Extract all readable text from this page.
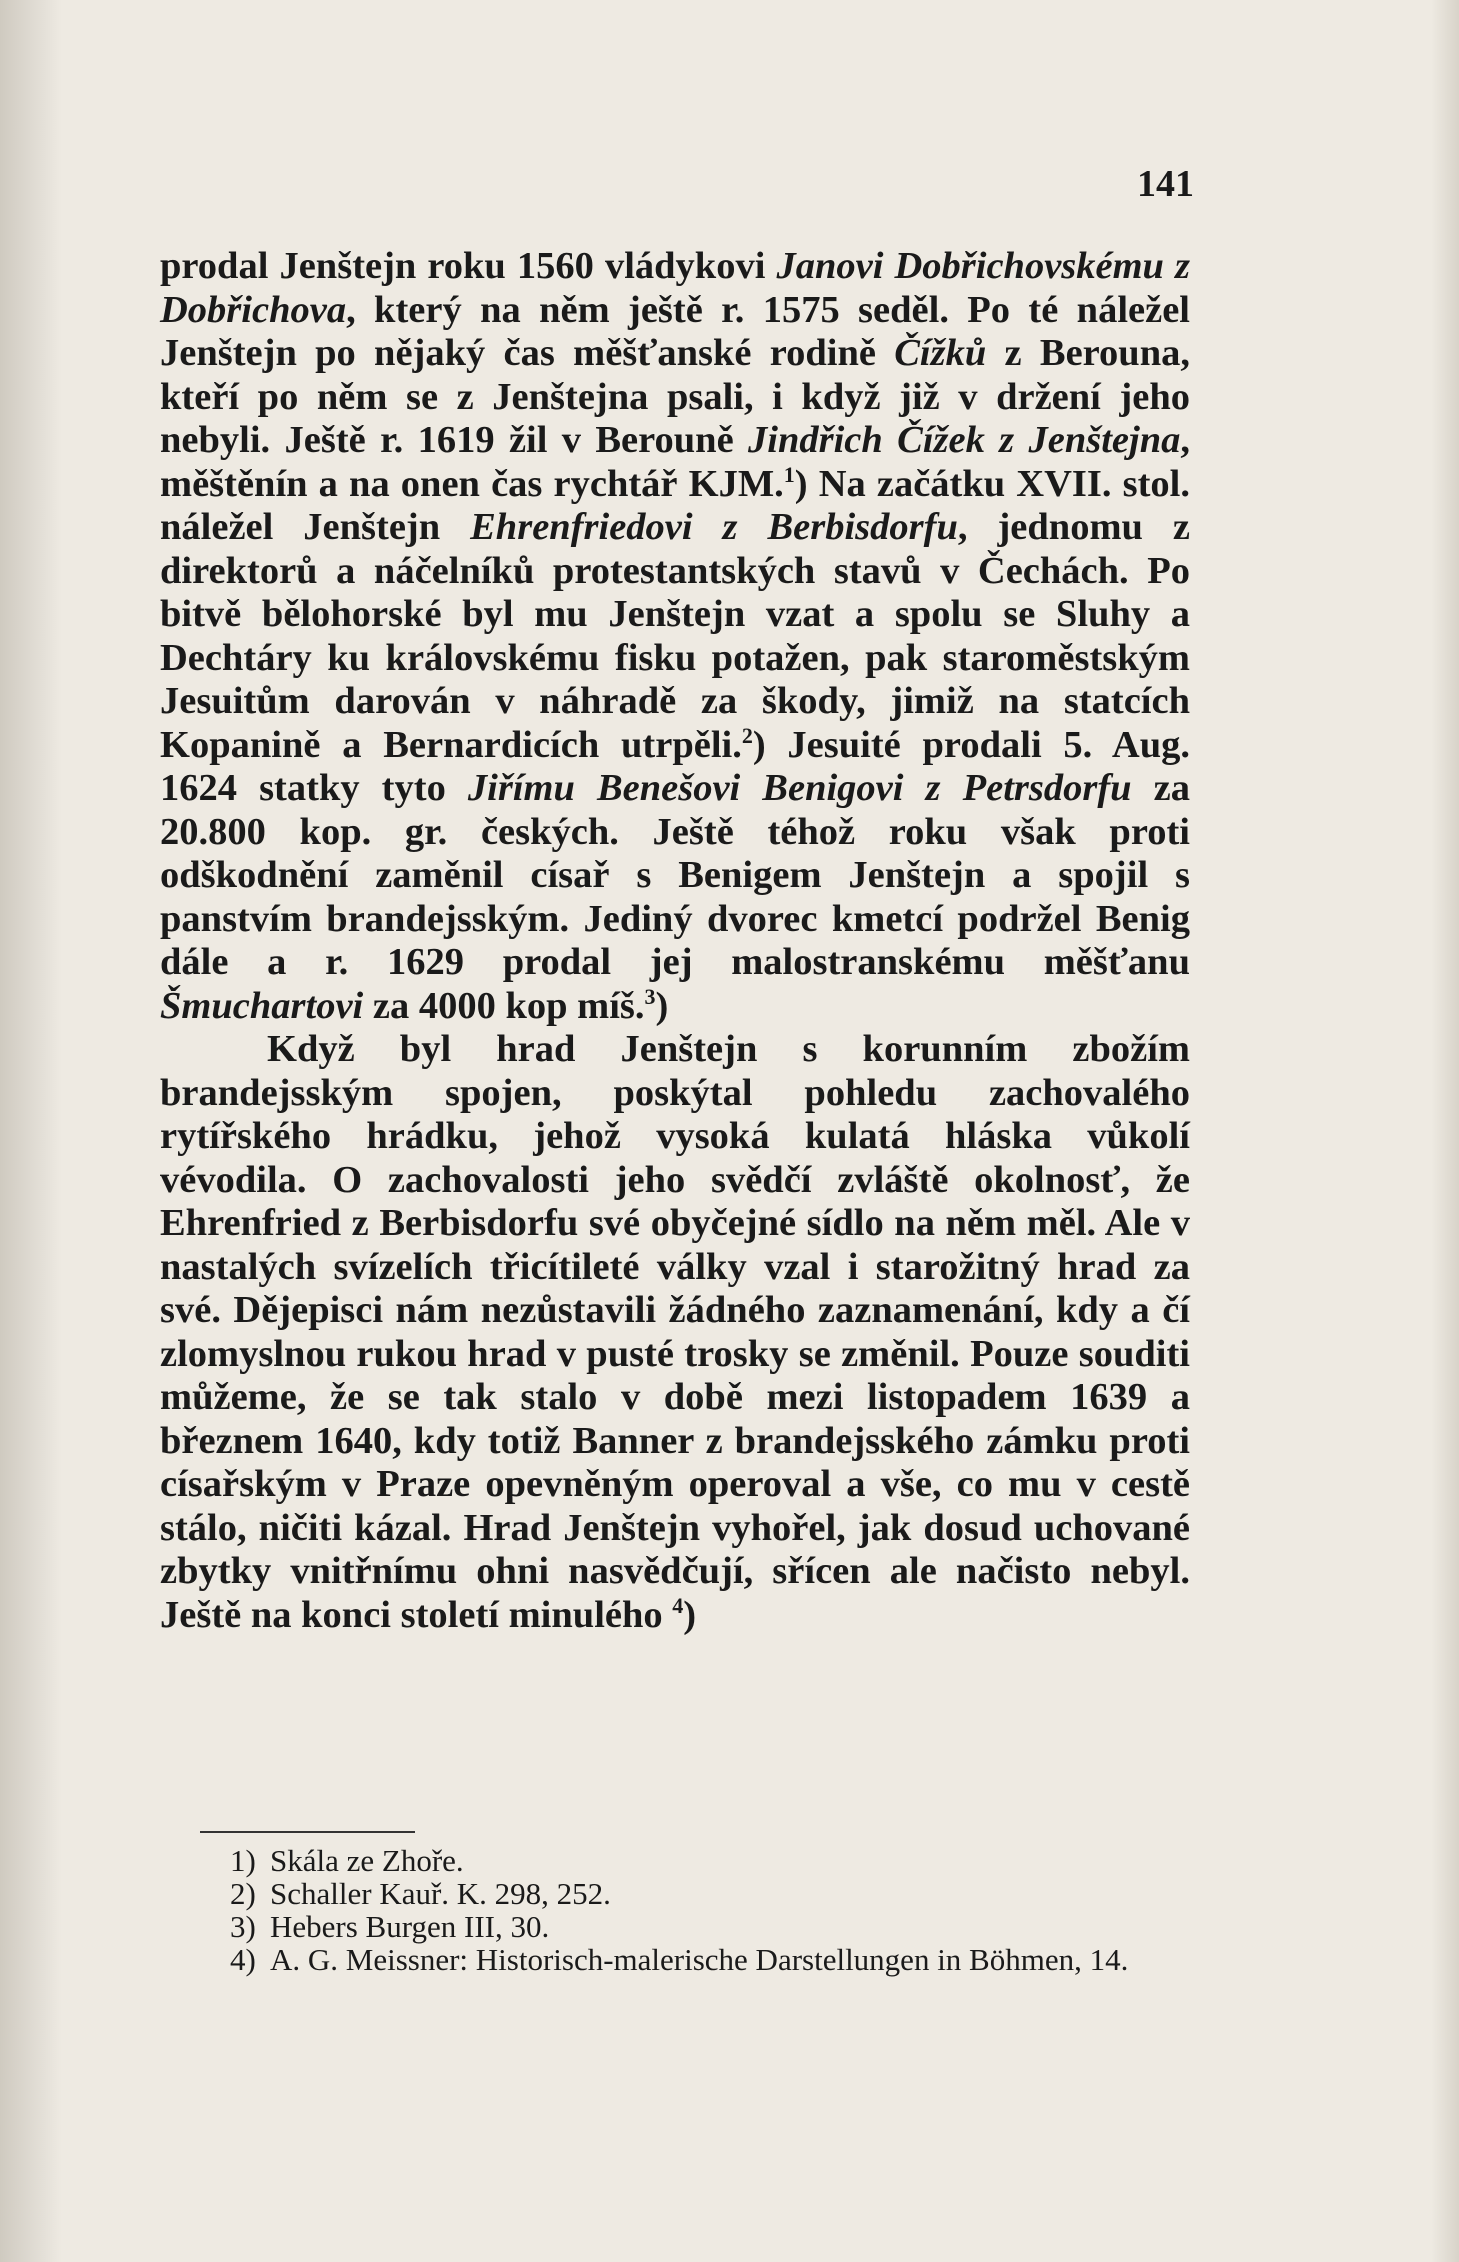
141

prodal Jenštejn roku 1560 vládykovi Janovi Dobřichovskému z Dobřichova, který na něm ještě r. 1575 seděl. Po té náležel Jenštejn po nějaký čas měšťanské rodině Čížků z Berouna, kteří po něm se z Jenštejna psali, i když již v držení jeho nebyli. Ještě r. 1619 žil v Berouně Jindřich Čížek z Jenštejna, měštěnín a na onen čas rychtář KJM.$^1$) Na začátku XVII. stol. náležel Jenštejn Ehrenfriedovi z Berbisdorfu, jednomu z direktorů a náčelníků protestantských stavů v Čechách. Po bitvě bělohorské byl mu Jenštejn vzat a spolu se Sluhy a Dechtáry ku královskému fisku potažen, pak staroměstským Jesuitům darován v náhradě za škody, jimiž na statcích Kopanině a Bernardicích utrpěli.$^2$) Jesuité prodali 5. Aug. 1624 statky tyto Jiřímu Benešovi Benigovi z Petrsdorfu za 20.800 kop. gr. českých. Ještě téhož roku však proti odškodnění zaměnil císař s Benigem Jenštejn a spojil s panstvím brandejsským. Jediný dvorec kmetcí podržel Benig dále a r. 1629 prodal jej malostranskému měšťanu Šmuchartovi za 4000 kop míš.$^3$)

Když byl hrad Jenštejn s korunním zbožím brandejsským spojen, poskýtal pohledu zachovalého rytířského hrádku, jehož vysoká kulatá hláska vůkolí vévodila. O zachovalosti jeho svědčí zvláště okolnosť, že Ehrenfried z Berbisdorfu své obyčejné sídlo na něm měl. Ale v nastalých svízelích třicítileté války vzal i starožitný hrad za své. Dějepisci nám nezůstavili žádného zaznamenání, kdy a čí zlomyslnou rukou hrad v pusté trosky se změnil. Pouze souditi můžeme, že se tak stalo v době mezi listopadem 1639 a březnem 1640, kdy totiž Banner z brandejsského zámku proti císařským v Praze opevněným operoval a vše, co mu v cestě stálo, ničiti kázal. Hrad Jenštejn vyhořel, jak dosud uchované zbytky vnitřnímu ohni nasvědčují, sřícen ale načisto nebyl. Ještě na konci století minulého $^4$)

1) Skála ze Zhoře.
2) Schaller Kauř. K. 298, 252.
3) Hebers Burgen III, 30.
4) A. G. Meissner: Historisch-malerische Darstellungen in Böhmen, 14.
